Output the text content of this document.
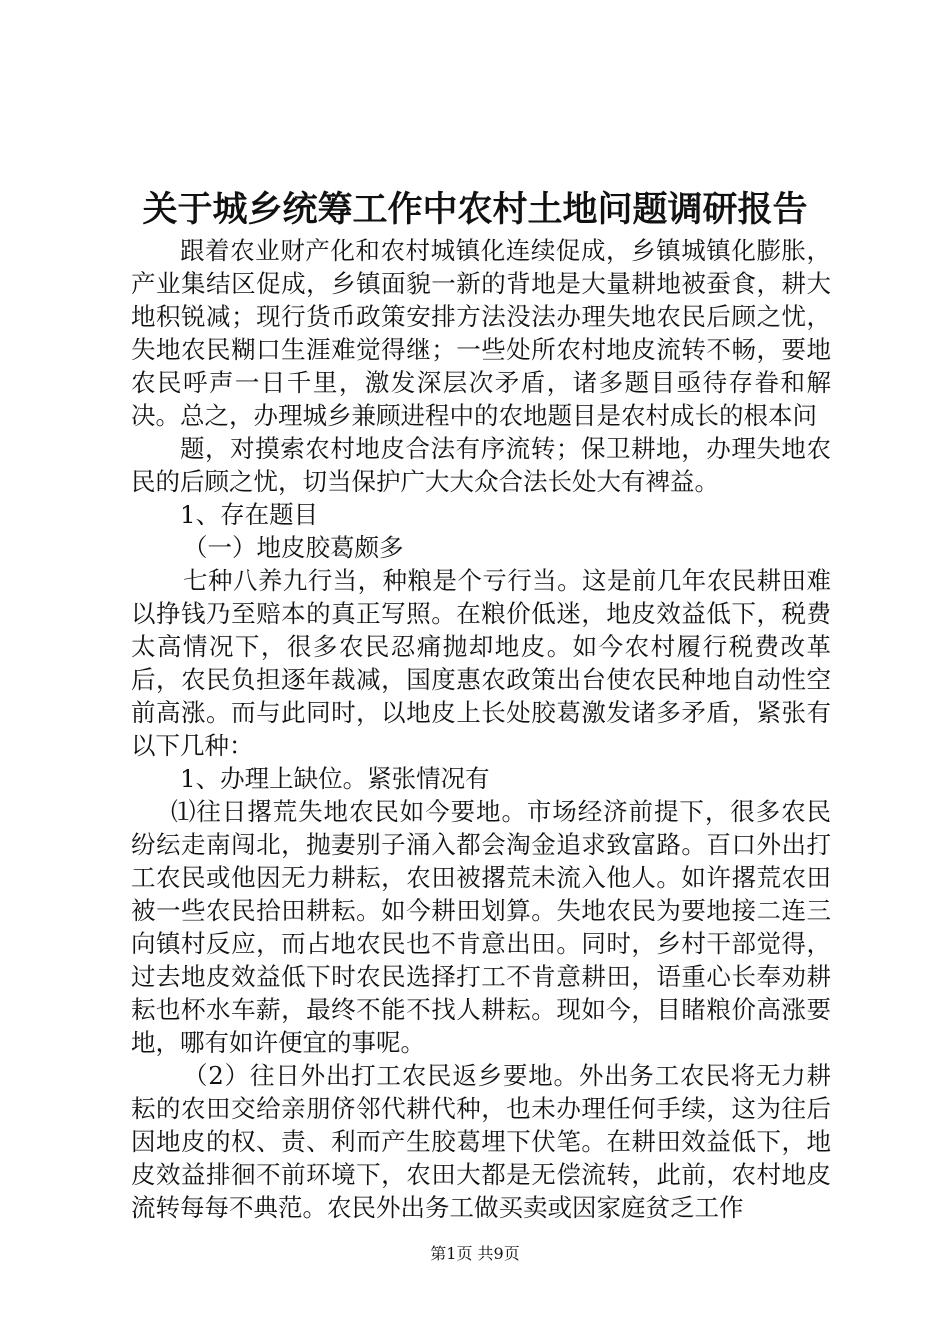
关于城乡统筹工作中农村土地问题调研报告

跟着农业财产化和农村城镇化连续促成，乡镇城镇化膨胀，产业集结区促成，乡镇面貌一新的背地是大量耕地被蚕食，耕大地积锐减；现行货币政策安排方法没法办理失地农民后顾之忧，失地农民糊口生涯难觉得继；一些处所农村地皮流转不畅，要地农民呼声一日千里，激发深层次矛盾，诸多题目亟待存眷和解决。总之，办理城乡兼顾进程中的农地题目是农村成长的根本问

题，对摸索农村地皮合法有序流转；保卫耕地，办理失地农民的后顾之忧，切当保护广大大众合法长处大有裨益。

1、存在题目

（一）地皮胶葛颇多

七种八养九行当，种粮是个亏行当。这是前几年农民耕田难以挣钱乃至赔本的真正写照。在粮价低迷，地皮效益低下，税费太高情况下，很多农民忍痛抛却地皮。如今农村履行税费改革后，农民负担逐年裁减，国度惠农政策出台使农民种地自动性空前高涨。而与此同时，以地皮上长处胶葛激发诸多矛盾，紧张有以下几种：

1、办理上缺位。紧张情况有

⑴往日撂荒失地农民如今要地。市场经济前提下，很多农民纷纭走南闯北，抛妻别子涌入都会淘金追求致富路。百口外出打工农民或他因无力耕耘，农田被撂荒未流入他人。如许撂荒农田被一些农民拾田耕耘。如今耕田划算。失地农民为要地接二连三向镇村反应，而占地农民也不肯意出田。同时，乡村干部觉得，过去地皮效益低下时农民选择打工不肯意耕田，语重心长奉劝耕耘也杯水车薪，最终不能不找人耕耘。现如今，目睹粮价高涨要地，哪有如许便宜的事呢。

（2）往日外出打工农民返乡要地。外出务工农民将无力耕耘的农田交给亲朋侪邻代耕代种，也未办理任何手续，这为往后因地皮的权、责、利而产生胶葛埋下伏笔。在耕田效益低下，地皮效益排徊不前环境下，农田大都是无偿流转，此前，农村地皮流转每每不典范。农民外出务工做买卖或因家庭贫乏工作

第1页 共9页
